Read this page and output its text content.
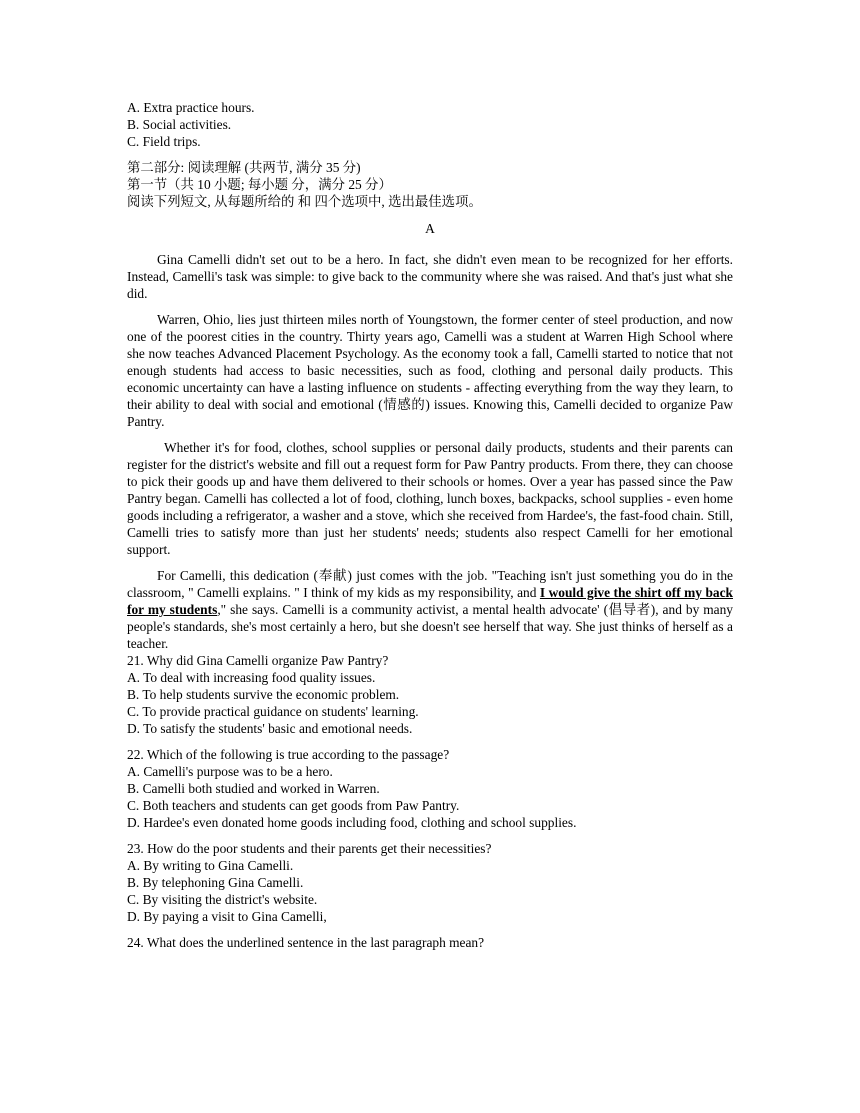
A. Extra practice hours.
B. Social activities.
C. Field trips.
第二部分: 阅读理解 (共两节, 满分 35 分)
第一节（共 10 小题; 每小题 分，满分 25 分）
阅读下列短文, 从每题所给的 和 四个选项中, 选出最佳选项。
A

Gina Camelli didn't set out to be a hero. In fact, she didn't even mean to be recognized for her efforts. Instead, Camelli's task was simple: to give back to the community where she was raised. And that's just what she did.

Warren, Ohio, lies just thirteen miles north of Youngstown, the former center of steel production, and now one of the poorest cities in the country. Thirty years ago, Camelli was a student at Warren High School where she now teaches Advanced Placement Psychology. As the economy took a fall, Camelli started to notice that not enough students had access to basic necessities, such as food, clothing and personal daily products. This economic uncertainty can have a lasting influence on students - affecting everything from the way they learn, to their ability to deal with social and emotional (情感的) issues. Knowing this, Camelli decided to organize Paw Pantry.

Whether it's for food, clothes, school supplies or personal daily products, students and their parents can register for the district's website and fill out a request form for Paw Pantry products. From there, they can choose to pick their goods up and have them delivered to their schools or homes. Over a year has passed since the Paw Pantry began. Camelli has collected a lot of food, clothing, lunch boxes, backpacks, school supplies - even home goods including a refrigerator, a washer and a stove, which she received from Hardee's, the fast-food chain. Still, Camelli tries to satisfy more than just her students' needs; students also respect Camelli for her emotional support.

For Camelli, this dedication (奉献) just comes with the job. "Teaching isn't just something you do in the classroom, " Camelli explains. " I think of my kids as my responsibility, and I would give the shirt off my back for my students," she says. Camelli is a community activist, a mental health advocate' (倡导者), and by many people's standards, she's most certainly a hero, but she doesn't see herself that way. She just thinks of herself as a teacher.

21. Why did Gina Camelli organize Paw Pantry?
A. To deal with increasing food quality issues.
B. To help students survive the economic problem.
C. To provide practical guidance on students' learning.
D. To satisfy the students' basic and emotional needs.
22. Which of the following is true according to the passage?
A. Camelli's purpose was to be a hero.
B. Camelli both studied and worked in Warren.
C. Both teachers and students can get goods from Paw Pantry.
D. Hardee's even donated home goods including food, clothing and school supplies.
23. How do the poor students and their parents get their necessities?
A. By writing to Gina Camelli.
B. By telephoning Gina Camelli.
C. By visiting the district's website.
D. By paying a visit to Gina Camelli,
24. What does the underlined sentence in the last paragraph mean?
